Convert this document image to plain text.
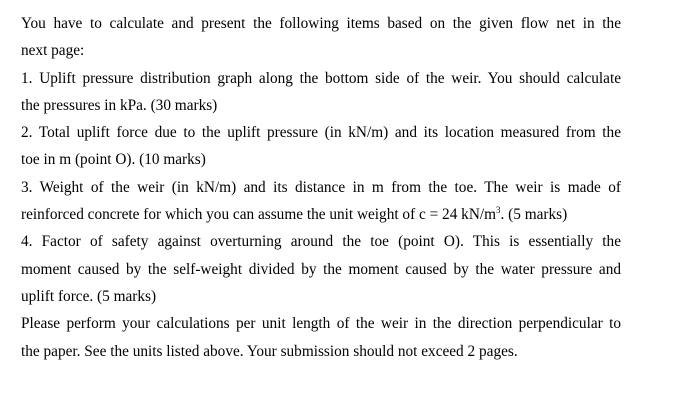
You have to calculate and present the following items based on the given flow net in the
next page:
1. Uplift pressure distribution graph along the bottom side of the weir. You should calculate
the pressures in kPa. (30 marks)
2. Total uplift force due to the uplift pressure (in kN/m) and its location measured from the
toe in m (point O). (10 marks)
3. Weight of the weir (in kN/m) and its distance in m from the toe. The weir is made of
reinforced concrete for which you can assume the unit weight of c = 24 $kN/m^3$. (5 marks)
4. Factor of safety against overturning around the toe (point O). This is essentially the
moment caused by the self-weight divided by the moment caused by the water pressure and
uplift force. (5 marks)
Please perform your calculations per unit length of the weir in the direction perpendicular to
the paper. See the units listed above. Your submission should not exceed 2 pages.
